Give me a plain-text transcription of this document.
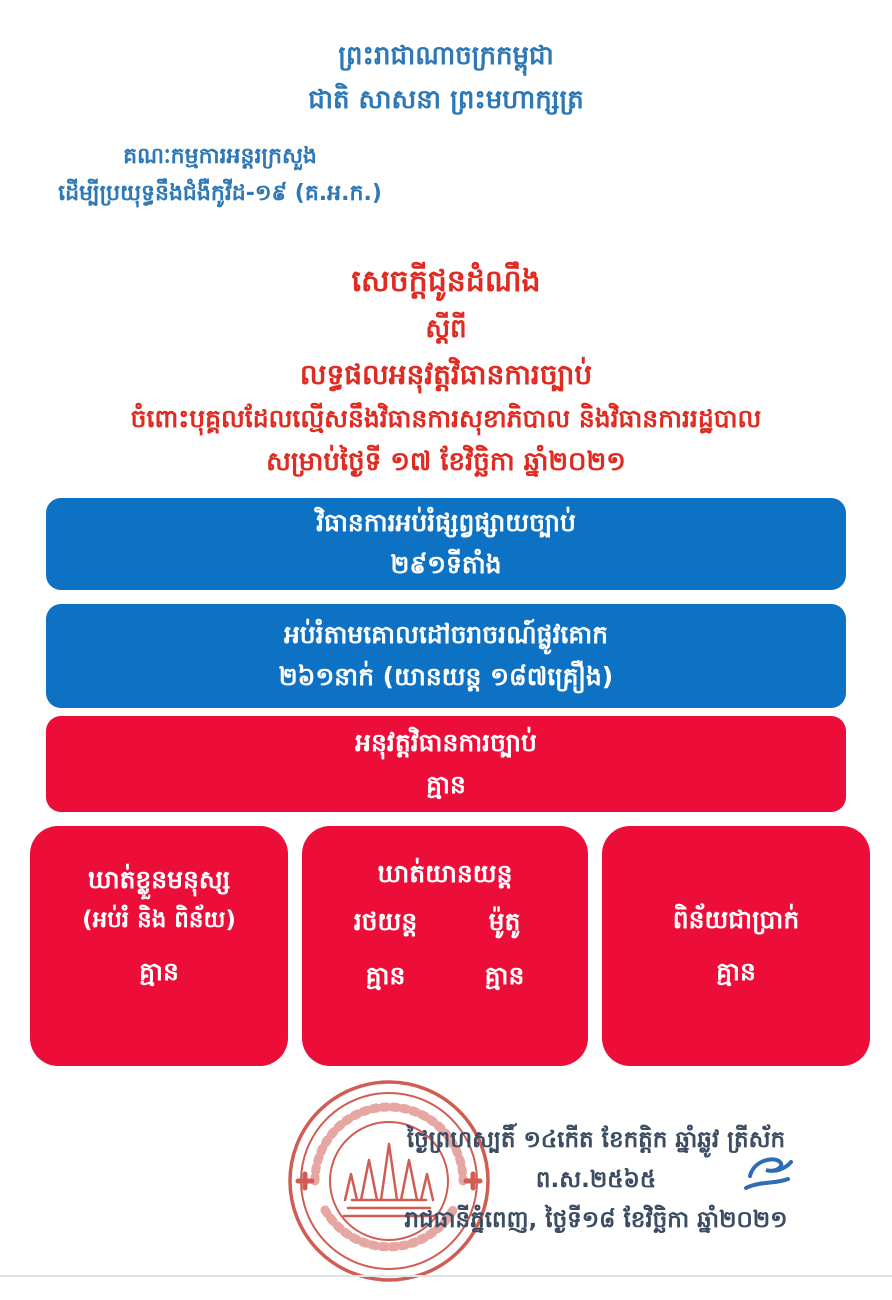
ព្រះរាជាណាចក្រកម្ពុជា
ជាតិ សាសនា ព្រះមហាក្សត្រ
គណៈកម្មការអន្តរក្រសួង
ដើម្បីប្រយុទ្ធនឹងជំងឺកូវីដ-១៩ (គ.អ.ក.)
សេចក្តីជូនដំណឹង
ស្តីពី
លទ្ធផលអនុវត្តវិធានការច្បាប់
ចំពោះបុគ្គលដែលល្មើសនឹងវិធានការសុខាភិបាល និងវិធានការរដ្ឋបាល
សម្រាប់ថ្ងៃទី ១៧ ខែវិច្ឆិកា ឆ្នាំ២០២១
វិធានការអប់រំផ្សព្វផ្សាយច្បាប់
២៩១ទីតាំង
អប់រំតាមគោលដៅចរាចរណ៍ផ្លូវគោក
២៦១នាក់ (យានយន្ត ១៨៧គ្រឿង)
អនុវត្តវិធានការច្បាប់
គ្មាន
ឃាត់ខ្លួនមនុស្ស
(អប់រំ និង ពិន័យ)
គ្មាន
ឃាត់យានយន្ត
រថយន្ត	ម៉ូតូ
គ្មាន	គ្មាន
ពិន័យជាប្រាក់
គ្មាន
ថ្ងៃព្រហស្បតិ៍ ១៤កើត ខែកត្តិក ឆ្នាំឆ្លូវ ត្រីស័ក ព.ស.២៥៦៥
រាជធានីភ្នំពេញ, ថ្ងៃទី១៨ ខែវិច្ឆិកា ឆ្នាំ២០២១
